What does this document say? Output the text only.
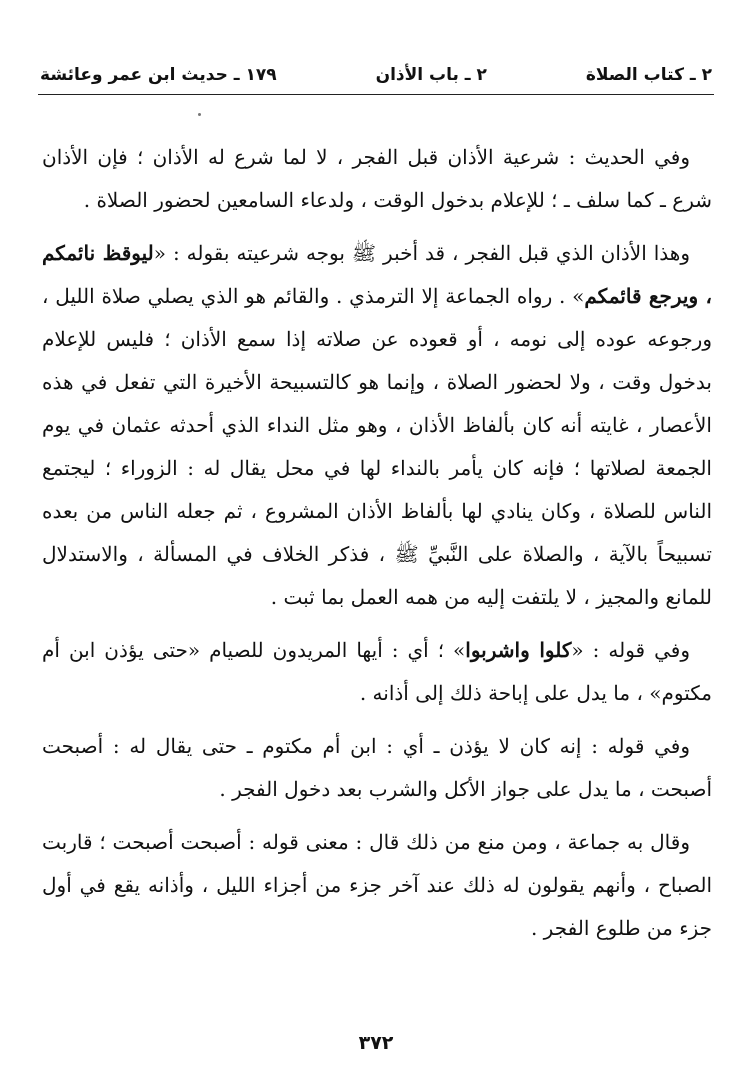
٢ ـ كتاب الصلاة
٢ ـ باب الأذان
١٧٩ ـ حديث ابن عمر وعائشة

وفي الحديث : شرعية الأذان قبل الفجر ، لا لما شرع له الأذان ؛ فإن الأذان شرع ـ كما سلف ـ ؛ للإعلام بدخول الوقت ، ولدعاء السامعين لحضور الصلاة .

وهذا الأذان الذي قبل الفجر ، قد أخبر ﷺ بوجه شرعيته بقوله : «ليوقظ نائمكم ، ويرجع قائمكم» . رواه الجماعة إلا الترمذي . والقائم هو الذي يصلي صلاة الليل ، ورجوعه عوده إلى نومه ، أو قعوده عن صلاته إذا سمع الأذان ؛ فليس للإعلام بدخول وقت ، ولا لحضور الصلاة ، وإنما هو كالتسبيحة الأخيرة التي تفعل في هذه الأعصار ، غايته أنه كان بألفاظ الأذان ، وهو مثل النداء الذي أحدثه عثمان في يوم الجمعة لصلاتها ؛ فإنه كان يأمر بالنداء لها في محل يقال له : الزوراء ؛ ليجتمع الناس للصلاة ، وكان ينادي لها بألفاظ الأذان المشروع ، ثم جعله الناس من بعده تسبيحاً بالآية ، والصلاة على النَّبيِّ ﷺ ، فذكر الخلاف في المسألة ، والاستدلال للمانع والمجيز ، لا يلتفت إليه من همه العمل بما ثبت .

وفي قوله : «كلوا واشربوا» ؛ أي : أيها المريدون للصيام «حتى يؤذن ابن أم مكتوم» ، ما يدل على إباحة ذلك إلى أذانه .

وفي قوله : إنه كان لا يؤذن ـ أي : ابن أم مكتوم ـ حتى يقال له : أصبحت أصبحت ، ما يدل على جواز الأكل والشرب بعد دخول الفجر .

وقال به جماعة ، ومن منع من ذلك قال : معنى قوله : أصبحت أصبحت ؛ قاربت الصباح ، وأنهم يقولون له ذلك عند آخر جزء من أجزاء الليل ، وأذانه يقع في أول جزء من طلوع الفجر .

٣٧٢
